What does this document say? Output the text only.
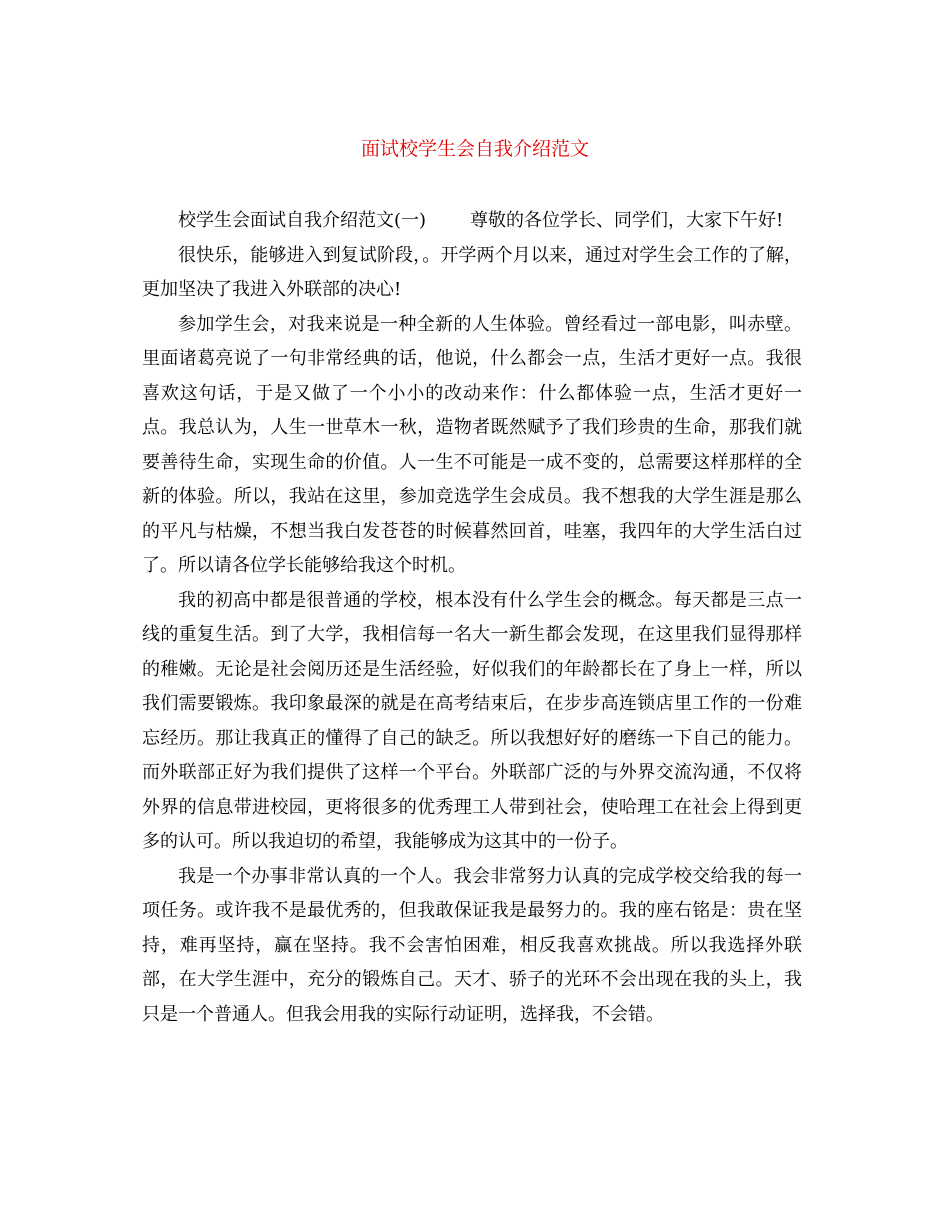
面试校学生会自我介绍范文

校学生会面试自我介绍范文(一) 尊敬的各位学长、同学们，大家下午好!

很快乐，能够进入到复试阶段，。开学两个月以来，通过对学生会工作的了解，更加坚决了我进入外联部的决心!

参加学生会，对我来说是一种全新的人生体验。曾经看过一部电影，叫赤壁。里面诸葛亮说了一句非常经典的话，他说，什么都会一点，生活才更好一点。我很喜欢这句话，于是又做了一个小小的改动来作：什么都体验一点，生活才更好一点。我总认为，人生一世草木一秋，造物者既然赋予了我们珍贵的生命，那我们就要善待生命，实现生命的价值。人一生不可能是一成不变的，总需要这样那样的全新的体验。所以，我站在这里，参加竞选学生会成员。我不想我的大学生涯是那么的平凡与枯燥，不想当我白发苍苍的时候暮然回首，哇塞，我四年的大学生活白过了。所以请各位学长能够给我这个时机。

我的初高中都是很普通的学校，根本没有什么学生会的概念。每天都是三点一线的重复生活。到了大学，我相信每一名大一新生都会发现，在这里我们显得那样的稚嫩。无论是社会阅历还是生活经验，好似我们的年龄都长在了身上一样，所以我们需要锻炼。我印象最深的就是在高考结束后，在步步高连锁店里工作的一份难忘经历。那让我真正的懂得了自己的缺乏。所以我想好好的磨练一下自己的能力。而外联部正好为我们提供了这样一个平台。外联部广泛的与外界交流沟通，不仅将外界的信息带进校园，更将很多的优秀理工人带到社会，使哈理工在社会上得到更多的认可。所以我迫切的希望，我能够成为这其中的一份子。

我是一个办事非常认真的一个人。我会非常努力认真的完成学校交给我的每一项任务。或许我不是最优秀的，但我敢保证我是最努力的。我的座右铭是：贵在坚持，难再坚持，赢在坚持。我不会害怕困难，相反我喜欢挑战。所以我选择外联部，在大学生涯中，充分的锻炼自己。天才、骄子的光环不会出现在我的头上，我只是一个普通人。但我会用我的实际行动证明，选择我，不会错。
